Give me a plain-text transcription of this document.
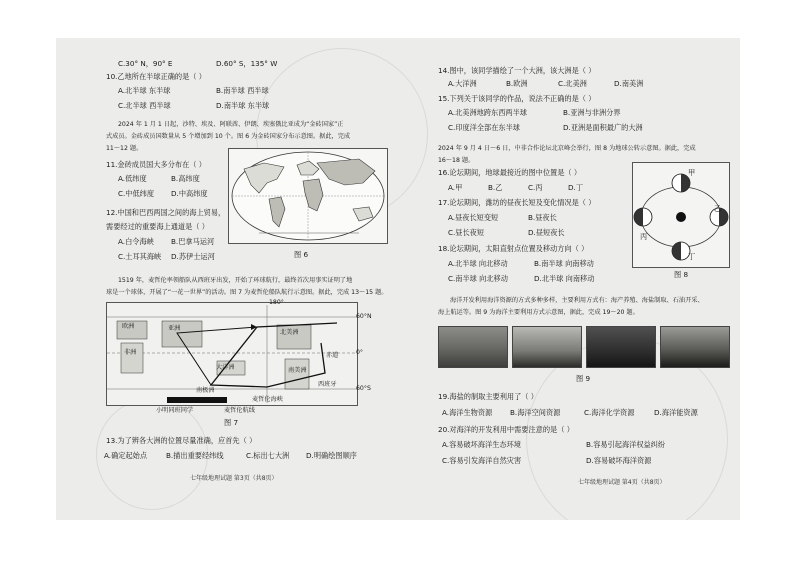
C.30° N，90° E	D.60° S，135° W
10.乙地所在半球正确的是（ ）
A.北半球 东半球	B.南半球 西半球
C.北半球 西半球	D.南半球 东半球
2024 年 1 月 1 日起，沙特、埃及、阿联酋、伊朗、埃塞俄比亚成为“金砖国家”正
式成员。金砖成员国数量从 5 个增加到 10 个。图 6 为金砖国家分布示意图。据此，完成
11～12 题。
11.金砖成员国大多分布在（ ）
A.低纬度	B.高纬度
C.中低纬度 D.中高纬度
12.中国和巴西两国之间的海上贸易，
需要经过的重要海上通道是（ ）
A.白令海峡 B.巴拿马运河
C.土耳其海峡 D.苏伊士运河	图 6
1519 年，麦哲伦率领船队从西班牙出发，开始了环球航行，最终首次用事实证明了地
球是一个球体，开展了“一花一世界”的活动。图 7 为麦哲伦船队航行示意图。据此，完成 13～15 题。
180°
60°N
0°
60°S
欧洲	亚洲
非洲
北美洲
南美洲
大洋洲
南极洲
西班牙
赤道
麦哲伦海峡
小明同班同学	麦哲伦航线
图 7
13.为了辨各大洲的位置尽量准确，应首先（ ）
A.确定起始点	B.描出重要经纬线	C.标出七大洲 D.明确绘图顺序
七年级地理试题 第3页（共8页）
14.图中，该同学描绘了一个大洲，该大洲是（ ）
A.大洋洲	B.欧洲	C.北美洲	D.南美洲
15.下列关于该同学的作品，说法不正确的是（ ）
A.北美洲地跨东西两半球	B.亚洲与非洲分界
C.印度洋全部在东半球	D.亚洲是面积最广的大洲
2024 年 9 月 4 日～6 日，中非合作论坛北京峰会举行，图 8 为地球公转示意图。据此，完成
16～18 题。
16.论坛期间，地球最接近的图中位置是（ ）
A.甲	B.乙	C.丙	D.丁
17.论坛期间，潍坊的昼夜长短及变化情况是（ ）
A.昼夜长短变短	B.昼夜长
C.昼长夜短	D.昼短夜长
18.论坛期间，太阳直射点位置及移动方向（ ）
A.北半球 向北移动	B.南半球 向南移动
C.南半球 向北移动	D.北半球 向南移动
甲
乙
丙
丁
图 8
海洋开发利用海洋资源的方式多种多样，主要利用方式有：海产养殖、海盐制取、石油开采、
海上航运等。图 9 为海洋主要利用方式示意图，据此，完成 19～20 题。
图 9
19.海盐的制取主要利用了（ ）
A.海洋生物资源 B.海洋空间资源	C.海洋化学资源	D.海洋能资源
20.对海洋的开发利用中需要注意的是（ ）
A.容易破坏海洋生态环境	B.容易引起海洋权益纠纷
C.容易引发海洋自然灾害	D.容易破坏海洋资源
七年级地理试题 第4页（共8页）
